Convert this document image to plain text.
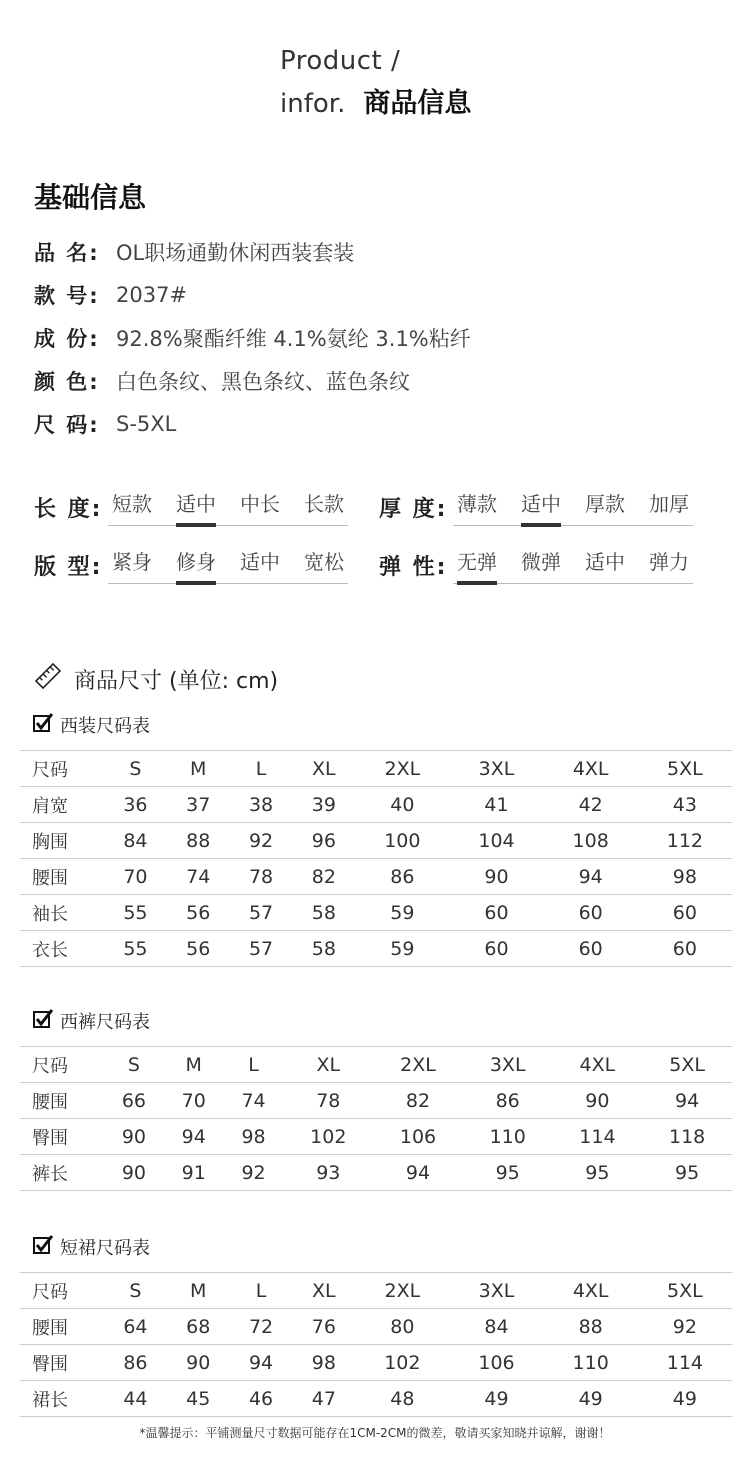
Product /
infor. 商品信息
基础信息
品 名: OL职场通勤休闲西装套装
款 号: 2037#
成 份: 92.8%聚酯纤维 4.1%氨纶 3.1%粘纤
颜 色: 白色条纹、黑色条纹、蓝色条纹
尺 码: S-5XL
长 度: 短款 适中 中长 长款 厚 度: 薄款 适中 厚款 加厚
版 型: 紧身 修身 适中 宽松 弹 性: 无弹 微弹 适中 弹力
商品尺寸 (单位: cm)
西装尺码表
尺码	S	M	L	XL	2XL	3XL	4XL	5XL
肩宽	36	37	38	39	40	41	42	43
胸围	84	88	92	96	100	104	108	112
腰围	70	74	78	82	86	90	94	98
袖长	55	56	57	58	59	60	60	60
衣长	55	56	57	58	59	60	60	60
西裤尺码表
尺码	S	M	L	XL	2XL	3XL	4XL	5XL
腰围	66	70	74	78	82	86	90	94
臀围	90	94	98	102	106	110	114	118
裤长	90	91	92	93	94	95	95	95
短裙尺码表
尺码	S	M	L	XL	2XL	3XL	4XL	5XL
腰围	64	68	72	76	80	84	88	92
臀围	86	90	94	98	102	106	110	114
裙长	44	45	46	47	48	49	49	49
*温馨提示：平铺测量尺寸数据可能存在1CM-2CM的微差，敬请买家知晓并谅解，谢谢！
